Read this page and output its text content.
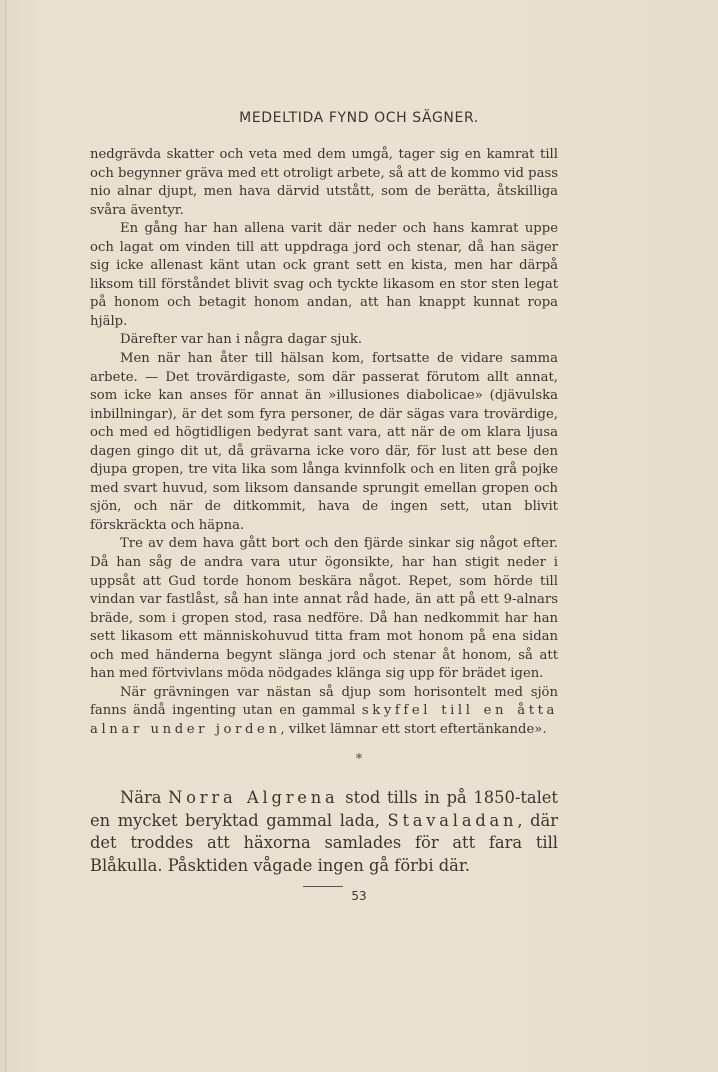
MEDELTIDA FYND OCH SÄGNER.

nedgrävda skatter och veta med dem umgå, tager sig en kamrat till och begynner gräva med ett otroligt arbete, så att de kommo vid pass nio alnar djupt, men hava därvid utstått, som de berätta, åtskilliga svåra äventyr.

En gång har han allena varit där neder och hans kamrat uppe och lagat om vinden till att uppdraga jord och stenar, då han säger sig icke allenast känt utan ock grant sett en kista, men har därpå liksom till förståndet blivit svag och tyckte likasom en stor sten legat på honom och betagit honom andan, att han knappt kunnat ropa hjälp.

Därefter var han i några dagar sjuk.

Men när han åter till hälsan kom, fortsatte de vidare samma arbete. — Det trovärdigaste, som där passerat förutom allt annat, som icke kan anses för annat än »illusiones diabolicae» (djävulska inbillningar), är det som fyra personer, de där sägas vara trovärdige, och med ed högtidligen bedyrat sant vara, att när de om klara ljusa dagen gingo dit ut, då grävarna icke voro där, för lust att bese den djupa gropen, tre vita lika som långa kvinnfolk och en liten grå pojke med svart huvud, som liksom dansande sprungit emellan gropen och sjön, och när de ditkommit, hava de ingen sett, utan blivit förskräckta och häpna.

Tre av dem hava gått bort och den fjärde sinkar sig något efter. Då han såg de andra vara utur ögonsikte, har han stigit neder i uppsåt att Gud torde honom beskära något. Repet, som hörde till vindan var fastlåst, så han inte annat råd hade, än att på ett 9-alnars bräde, som i gropen stod, rasa nedföre. Då han nedkommit har han sett likasom ett människohuvud titta fram mot honom på ena sidan och med händerna begynt slänga jord och stenar åt honom, så att han med förtvivlans möda nödgades klänga sig upp för brädet igen.

När grävningen var nästan så djup som horisontelt med sjön fanns ändå ingenting utan en gammal skyffel till en åtta alnar under jorden, vilket lämnar ett stort eftertänkande».

*

Nära Norra Algrena stod tills in på 1850-talet en mycket beryktad gammal lada, Stavaladan, där det troddes att häxorna samlades för att fara till Blåkulla. Påsktiden vågade ingen gå förbi där.

53
